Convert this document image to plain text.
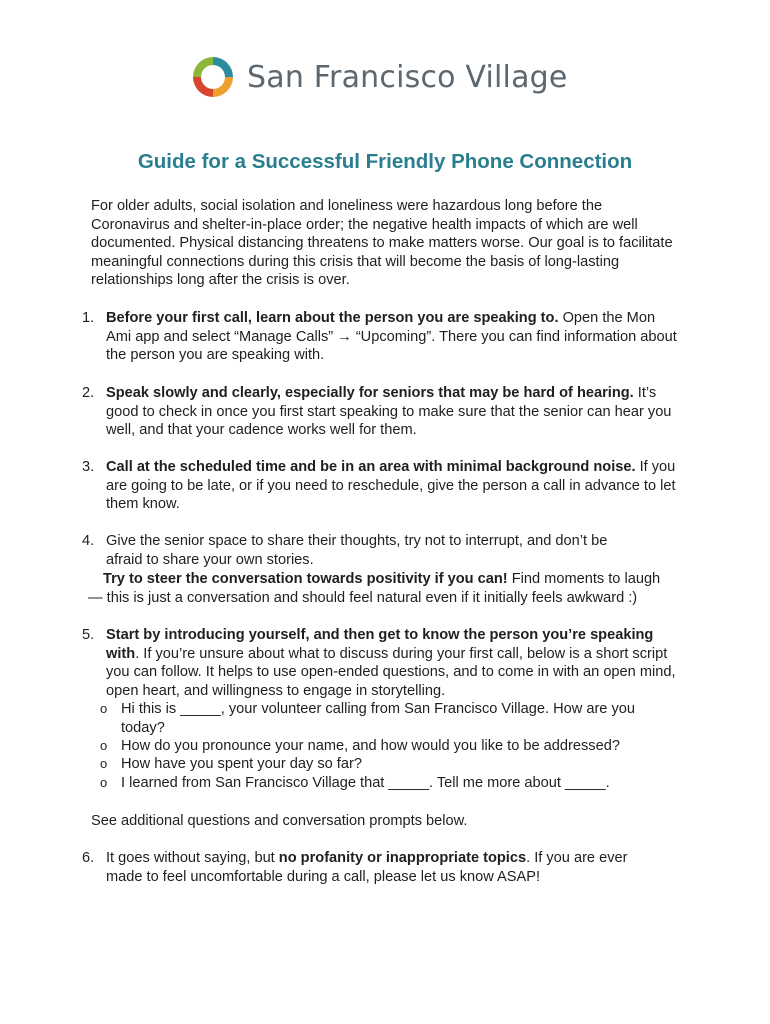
San Francisco Village
Guide for a Successful Friendly Phone Connection
For older adults, social isolation and loneliness were hazardous long before the Coronavirus and shelter-in-place order; the negative health impacts of which are well documented. Physical distancing threatens to make matters worse. Our goal is to facilitate meaningful connections during this crisis that will become the basis of long-lasting relationships long after the crisis is over.
1. Before your first call, learn about the person you are speaking to. Open the Mon Ami app and select “Manage Calls” → “Upcoming”. There you can find information about the person you are speaking with.
2. Speak slowly and clearly, especially for seniors that may be hard of hearing. It’s good to check in once you first start speaking to make sure that the senior can hear you well, and that your cadence works well for them.
3. Call at the scheduled time and be in an area with minimal background noise. If you are going to be late, or if you need to reschedule, give the person a call in advance to let them know.
4. Give the senior space to share their thoughts, try not to interrupt, and don’t be afraid to share your own stories.
Try to steer the conversation towards positivity if you can! Find moments to laugh
— this is just a conversation and should feel natural even if it initially feels awkward :)
5. Start by introducing yourself, and then get to know the person you’re speaking with. If you’re unsure about what to discuss during your first call, below is a short script you can follow. It helps to use open-ended questions, and to come in with an open mind, open heart, and willingness to engage in storytelling.
o Hi this is _____, your volunteer calling from San Francisco Village. How are you today?
o How do you pronounce your name, and how would you like to be addressed?
o How have you spent your day so far?
o I learned from San Francisco Village that _____. Tell me more about _____.
See additional questions and conversation prompts below.
6. It goes without saying, but no profanity or inappropriate topics. If you are ever made to feel uncomfortable during a call, please let us know ASAP!
